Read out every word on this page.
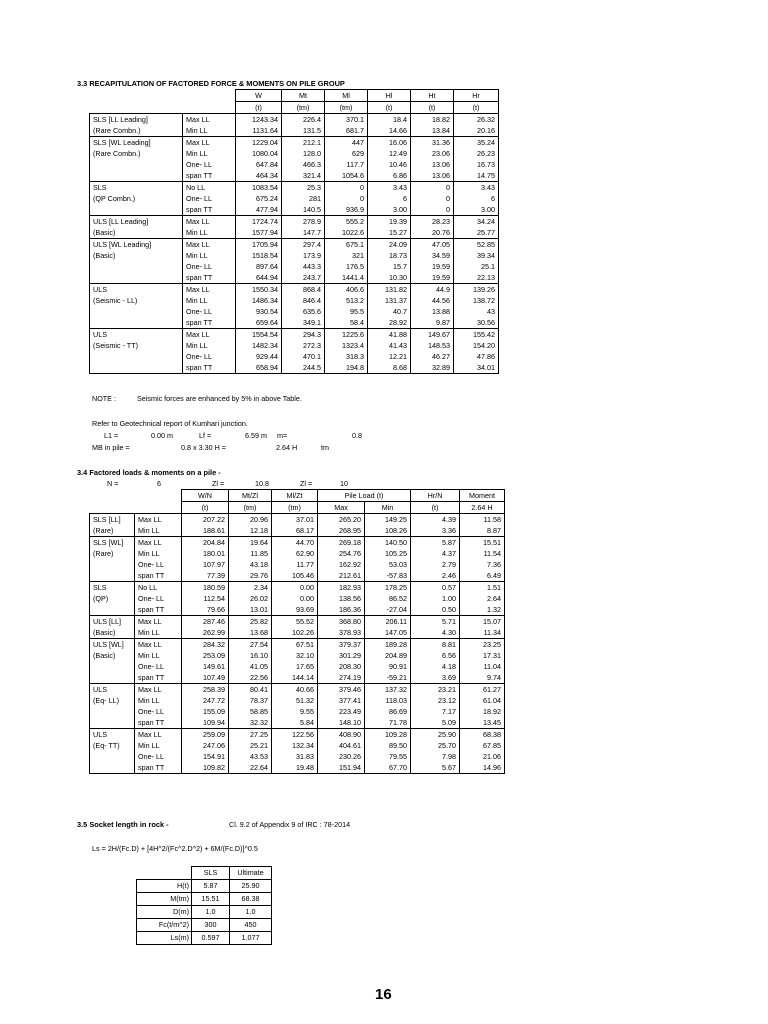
3.3 RECAPITULATION OF FACTORED FORCE & MOMENTS ON PILE GROUP
		W	Mt	Ml	Hl	Ht	Hr
		(t)	(tm)	(tm)	(t)	(t)	(t)
SLS [LL Leading]	Max LL	1243.34	226.4	370.1	18.4	18.82	26.32
(Rare Combn.)	Min LL	1131.64	131.5	681.7	14.66	13.84	20.16
SLS [WL Leading]	Max LL	1229.04	212.1	447	16.06	31.36	35.24
(Rare Combn.)	Min LL	1080.04	128.0	629	12.49	23.06	26.23
	One- LL	647.84	466.3	117.7	10.46	13.06	16.73
	span TT	464.34	321.4	1054.6	6.86	13.06	14.75
SLS	No LL	1083.54	25.3	0	3.43	0	3.43
(QP Combn.)	One- LL	675.24	281	0	6	0	6
	span TT	477.94	140.5	936.9	3.00	0	3.00
ULS [LL Leading]	Max LL	1724.74	278.9	555.2	19.39	28.23	34.24
(Basic)	Min LL	1577.94	147.7	1022.6	15.27	20.76	25.77
ULS [WL Leading]	Max LL	1705.94	297.4	675.1	24.09	47.05	52.85
(Basic)	Min LL	1518.54	173.9	321	18.73	34.59	39.34
	One- LL	897.64	443.3	176.5	15.7	19.59	25.1
	span TT	644.94	243.7	1441.4	10.30	19.59	22.13
ULS	Max LL	1550.34	868.4	406.6	131.82	44.9	139.26
(Seismic - LL)	Min LL	1486.34	846.4	513.2	131.37	44.56	138.72
	One- LL	930.54	635.6	95.5	40.7	13.88	43
	span TT	659.64	349.1	58.4	28.92	9.87	30.56
ULS	Max LL	1554.54	294.3	1225.6	41.88	149.67	155.42
(Seismic - TT)	Min LL	1482.34	272.3	1323.4	41.43	148.53	154.20
	One- LL	929.44	470.1	318.3	12.21	46.27	47.86
	span TT	658.94	244.5	194.8	8.68	32.89	34.01
NOTE :	Seismic forces are enhanced by 5% in above Table.
Refer to Geotechnical report of Kumhari junction.
L1 =	0.00 m	Lf =	6.59 m m=	0.8
MB in pile =	0.8 x 3.30 H =	2.64 H	tm
3.4 Factored loads & moments on a pile -
N =	6	Zl =	10.8	Zl =	10
		W/N	Mt/Zl	Ml/Zt	Pile Load (t)		Hr/N	Moment
		(t)	(tm)	(tm)	Max	Min	(t)	2.64 H
SLS [LL]	Max LL	207.22	20.96	37.01	265.20	149.25	4.39	11.58
(Rare)	Min LL	188.61	12.18	68.17	268.95	108.26	3.36	8.87
SLS [WL]	Max LL	204.84	19.64	44.70	269.18	140.50	5.87	15.51
(Rare)	Min LL	180.01	11.85	62.90	254.76	105.25	4.37	11.54
	One- LL	107.97	43.18	11.77	162.92	53.03	2.79	7.36
	span TT	77.39	29.76	105.46	212.61	-57.83	2.46	6.49
SLS	No LL	180.59	2.34	0.00	182.93	178.25	0.57	1.51
(QP)	One- LL	112.54	26.02	0.00	138.56	86.52	1.00	2.64
	span TT	79.66	13.01	93.69	186.36	-27.04	0.50	1.32
ULS [LL]	Max LL	287.46	25.82	55.52	368.80	206.11	5.71	15.07
(Basic)	Min LL	262.99	13.68	102.26	378.93	147.05	4.30	11.34
ULS [WL]	Max LL	284.32	27.54	67.51	379.37	189.28	8.81	23.25
(Basic)	Min LL	253.09	16.10	32.10	301.29	204.89	6.56	17.31
	One- LL	149.61	41.05	17.65	208.30	90.91	4.18	11.04
	span TT	107.49	22.56	144.14	274.19	-59.21	3.69	9.74
ULS	Max LL	258.39	80.41	40.66	379.46	137.32	23.21	61.27
(Eq- LL)	Min LL	247.72	78.37	51.32	377.41	118.03	23.12	61.04
	One- LL	155.09	58.85	9.55	223.49	86.69	7.17	18.92
	span TT	109.94	32.32	5.84	148.10	71.78	5.09	13.45
ULS	Max LL	259.09	27.25	122.56	408.90	109.28	25.90	68.38
(Eq- TT)	Min LL	247.06	25.21	132.34	404.61	89.50	25.70	67.85
	One- LL	154.91	43.53	31.83	230.26	79.55	7.98	21.06
	span TT	109.82	22.64	19.48	151.94	67.70	5.67	14.96
3.5 Socket length in rock -	Cl. 9.2 of Appendix 9 of IRC : 78-2014
Ls = 2H/(Fc.D) + [4H^2/(Fc^2.D^2) + 6M/(Fc.D)]^0.5
	SLS	Ultimate
H(t)	5.87	25.90
M(tm)	15.51	68.38
D(m)	1.0	1.0
Fc(t/m^2)	300	450
Ls(m)	0.597	1.077
16
